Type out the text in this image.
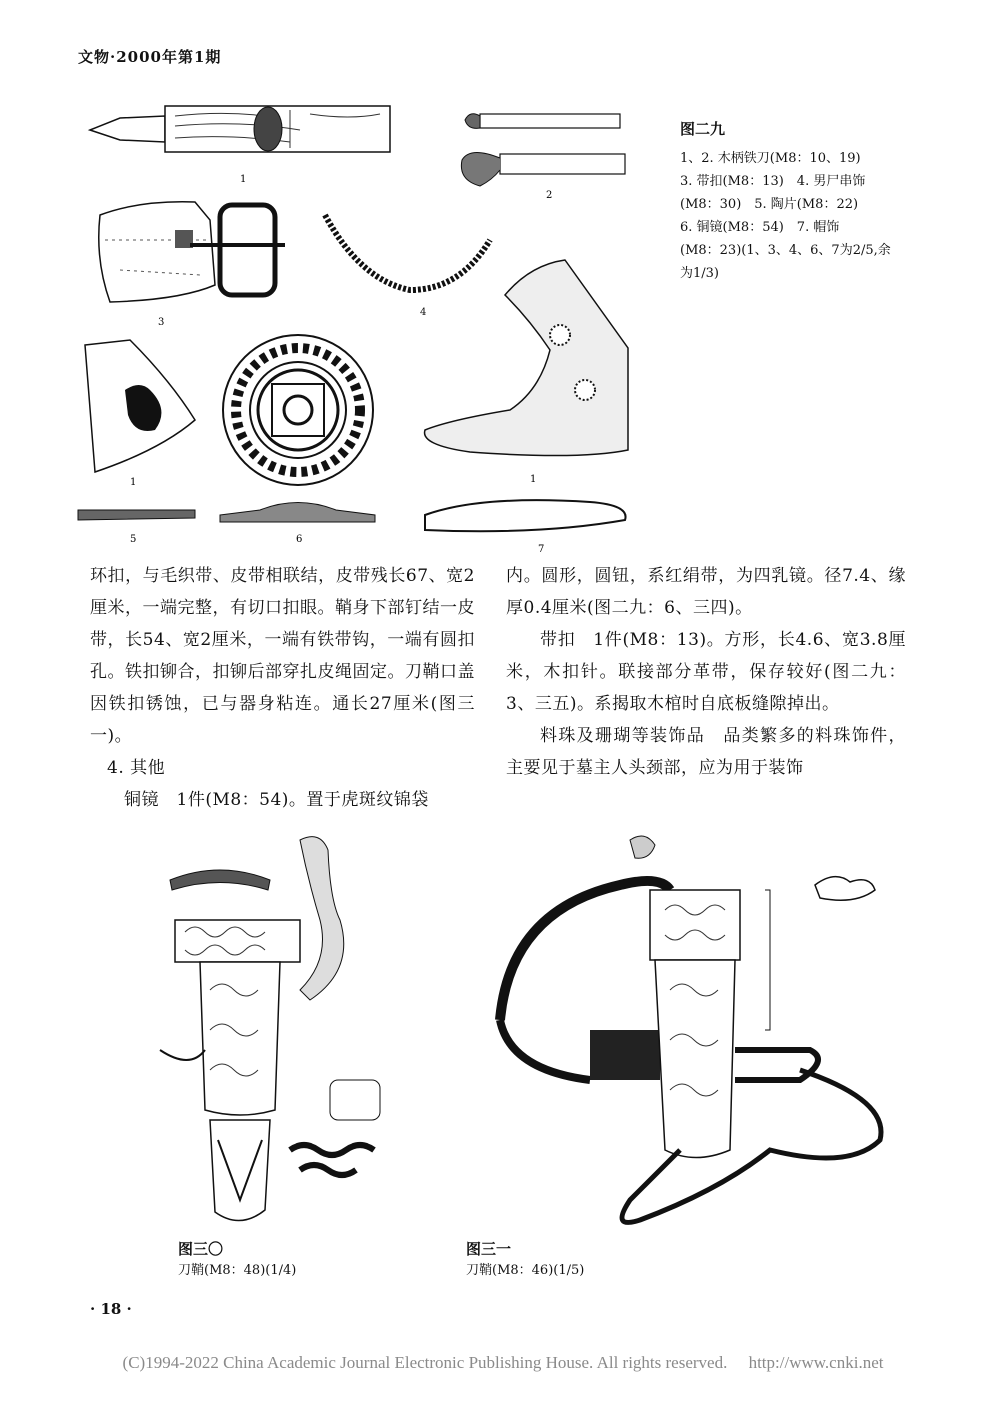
文物·2000年第1期
1
2
3
4
1
5	6
1
7
图二九
1、2. 木柄铁刀(M8：10、19)
3. 带扣(M8：13)　4. 男尸串饰
(M8：30)　5. 陶片(M8：22)
6. 铜镜(M8：54)　7. 帽饰
(M8：23)(1、3、4、6、7为2/5,余
为1/3)

环扣，与毛织带、皮带相联结，皮带残长67、宽2厘米，一端完整，有切口扣眼。鞘身下部钉结一皮带，长54、宽2厘米，一端有铁带钩，一端有圆扣孔。铁扣铆合，扣铆后部穿扎皮绳固定。刀鞘口盖因铁扣锈蚀，已与器身粘连。通长27厘米(图三一)。

4. 其他

铜镜　1件(M8：54)。置于虎斑纹锦袋

内。圆形，圆钮，系红绢带，为四乳镜。径7.4、缘厚0.4厘米(图二九：6、三四)。

带扣　1件(M8：13)。方形，长4.6、宽3.8厘米，木扣针。联接部分革带，保存较好(图二九：3、三五)。系揭取木棺时自底板缝隙掉出。

料珠及珊瑚等装饰品　品类繁多的料珠饰件，主要见于墓主人头颈部，应为用于装饰

图三〇
刀鞘(M8：48)(1/4)
图三一
刀鞘(M8：46)(1/5)
· 18 ·
(C)1994-2022 China Academic Journal Electronic Publishing House. All rights reserved.　 http://www.cnki.net
